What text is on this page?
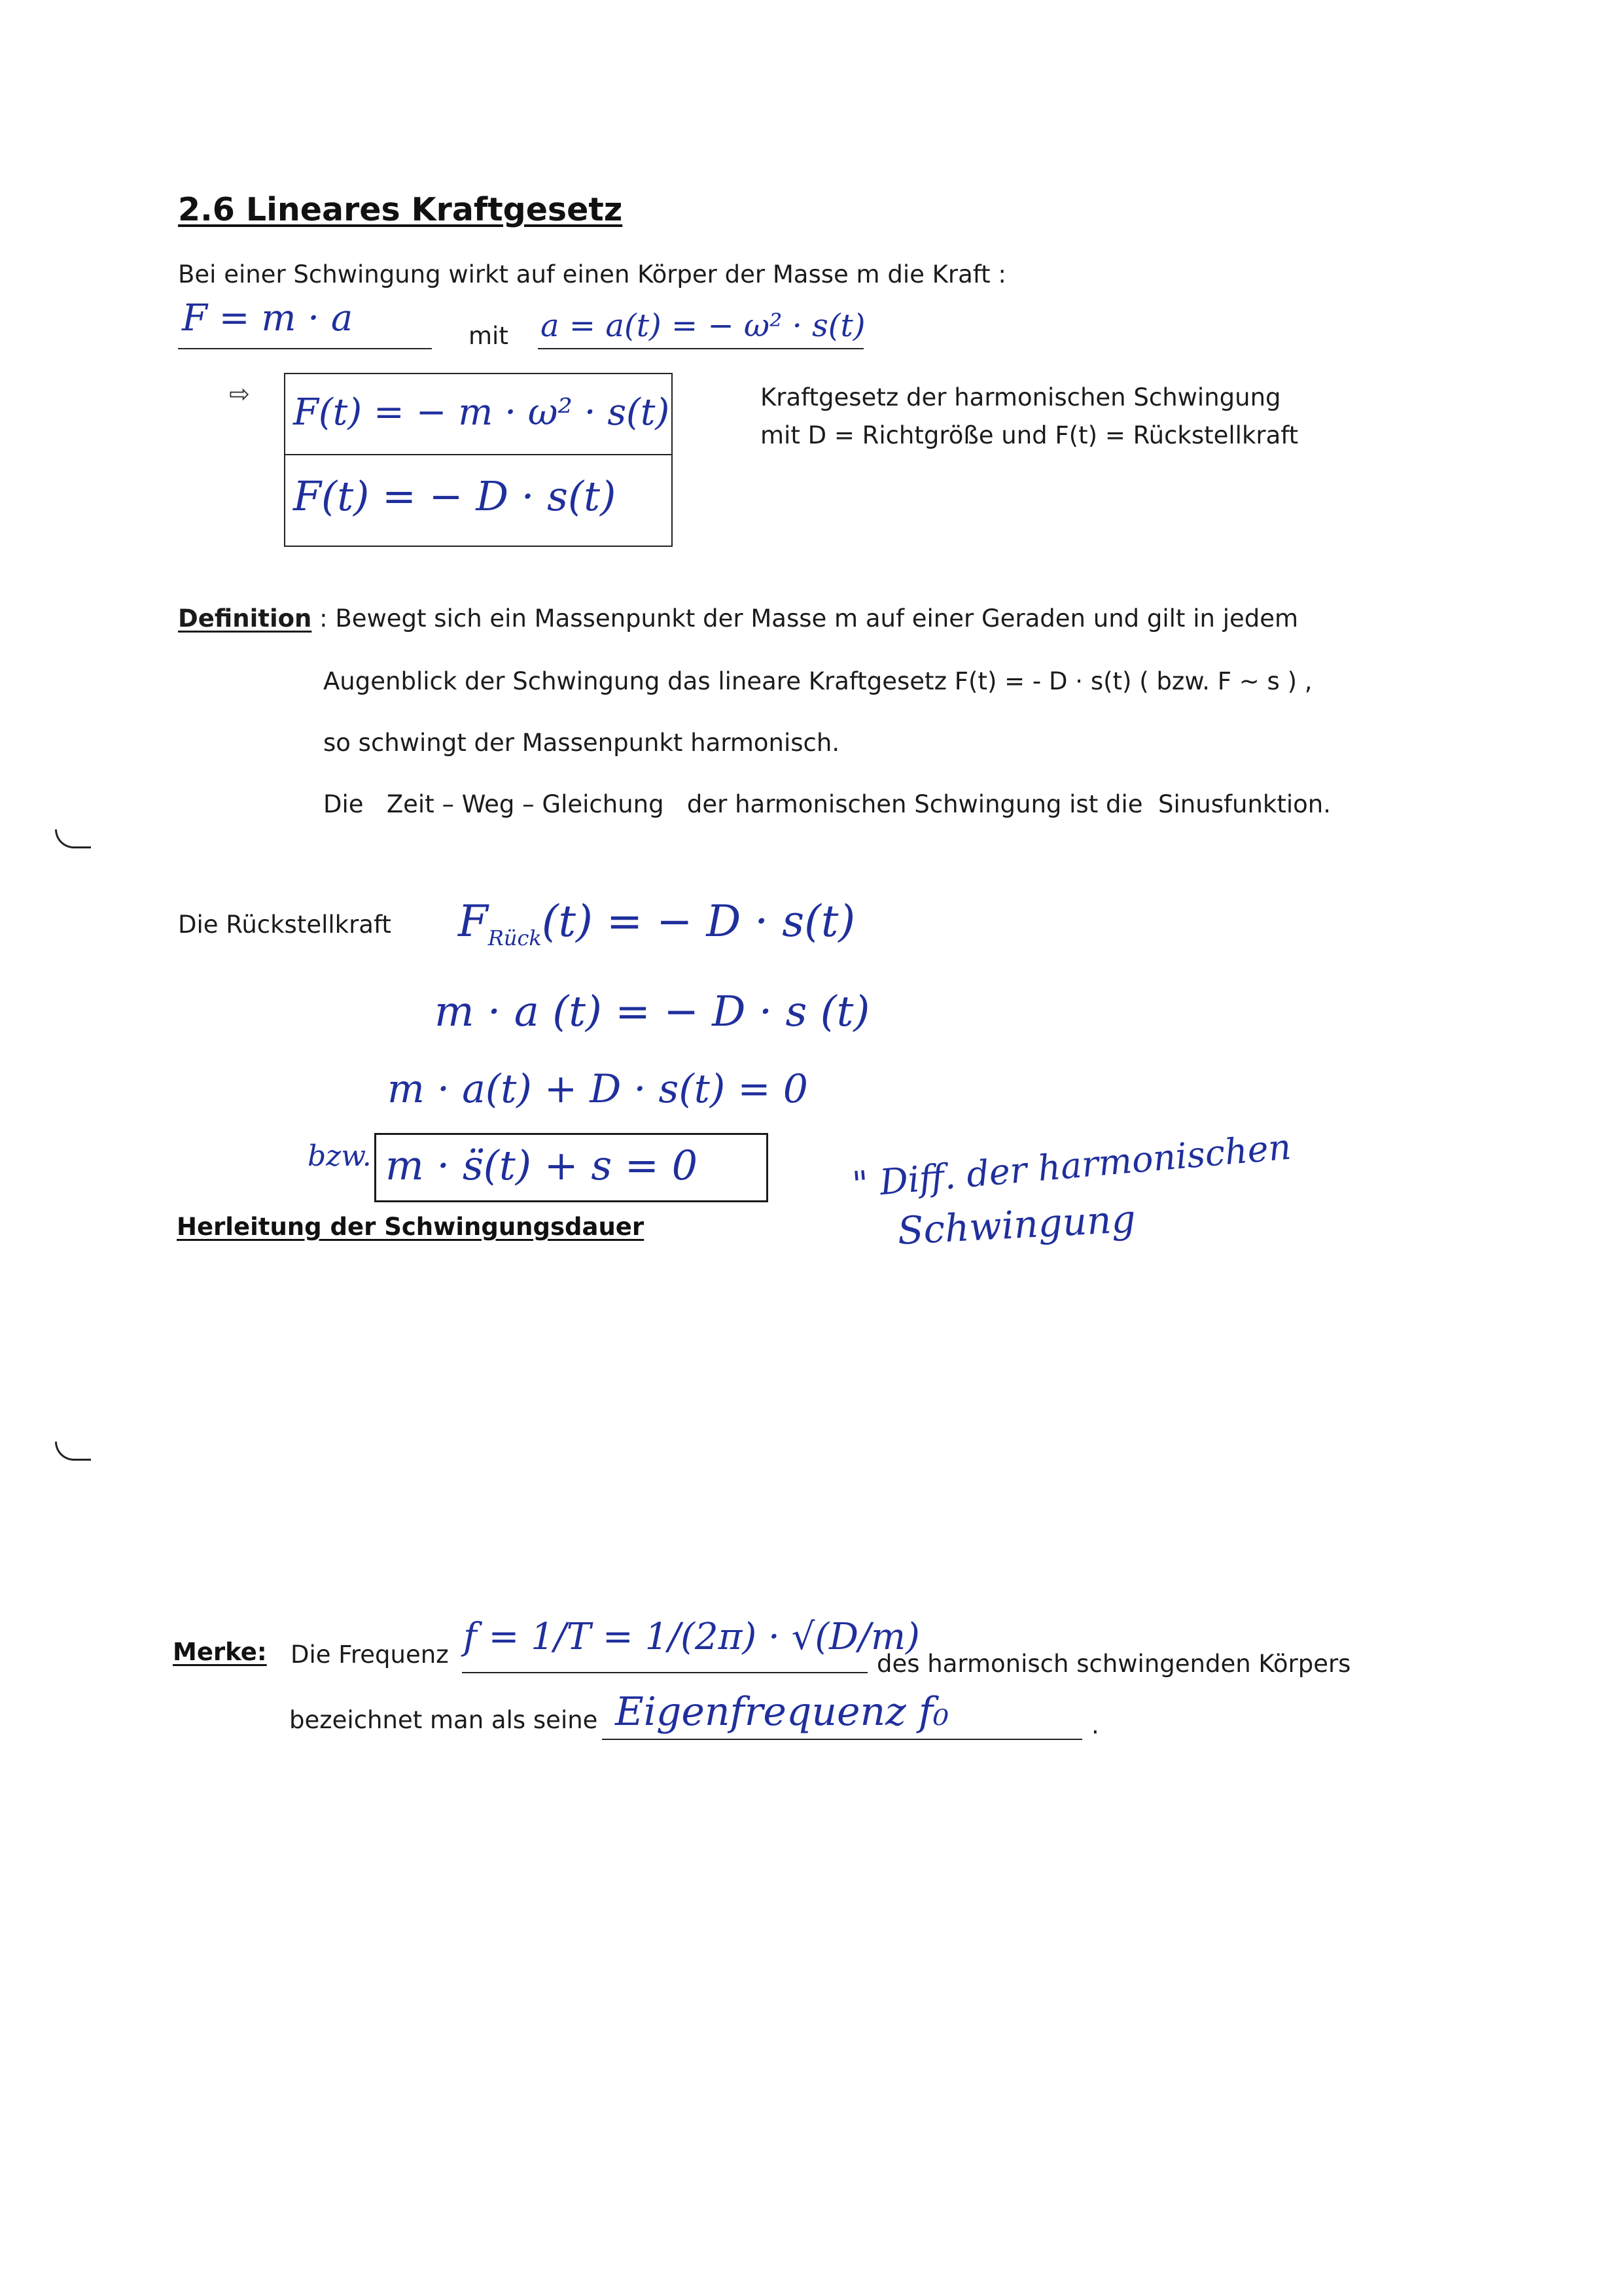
2.6 Lineares Kraftgesetz
Bei einer Schwingung wirkt auf einen Körper der Masse m die Kraft :
F = m · a	mit a = a(t) = − ω² · s(t)
⇨ F(t) = − m · ω² · s(t)
F(t) = − D · s(t)
Kraftgesetz der harmonischen Schwingung
mit D = Richtgröße und F(t) = Rückstellkraft
Definition : Bewegt sich ein Massenpunkt der Masse m auf einer Geraden und gilt in jedem
Augenblick der Schwingung das lineare Kraftgesetz F(t) = - D · s(t) ( bzw. F ~ s ) ,
so schwingt der Massenpunkt harmonisch.
Die   Zeit – Weg – Gleichung   der harmonischen Schwingung ist die  Sinusfunktion.
Die Rückstellkraft $F_{Rück}(t)$ = − D · s(t)
m · a (t) = − D · s (t)
m · a(t) + D · s(t) = 0
bzw. m · s̈(t) + s = 0	" Diff. der harmonischen
Schwingung
Herleitung der Schwingungsdauer
Merke: Die Frequenz f = 1/T = 1/(2π) · √(D/m)
des harmonisch schwingenden Körpers
bezeichnet man als seine Eigenfrequenz f₀	.
